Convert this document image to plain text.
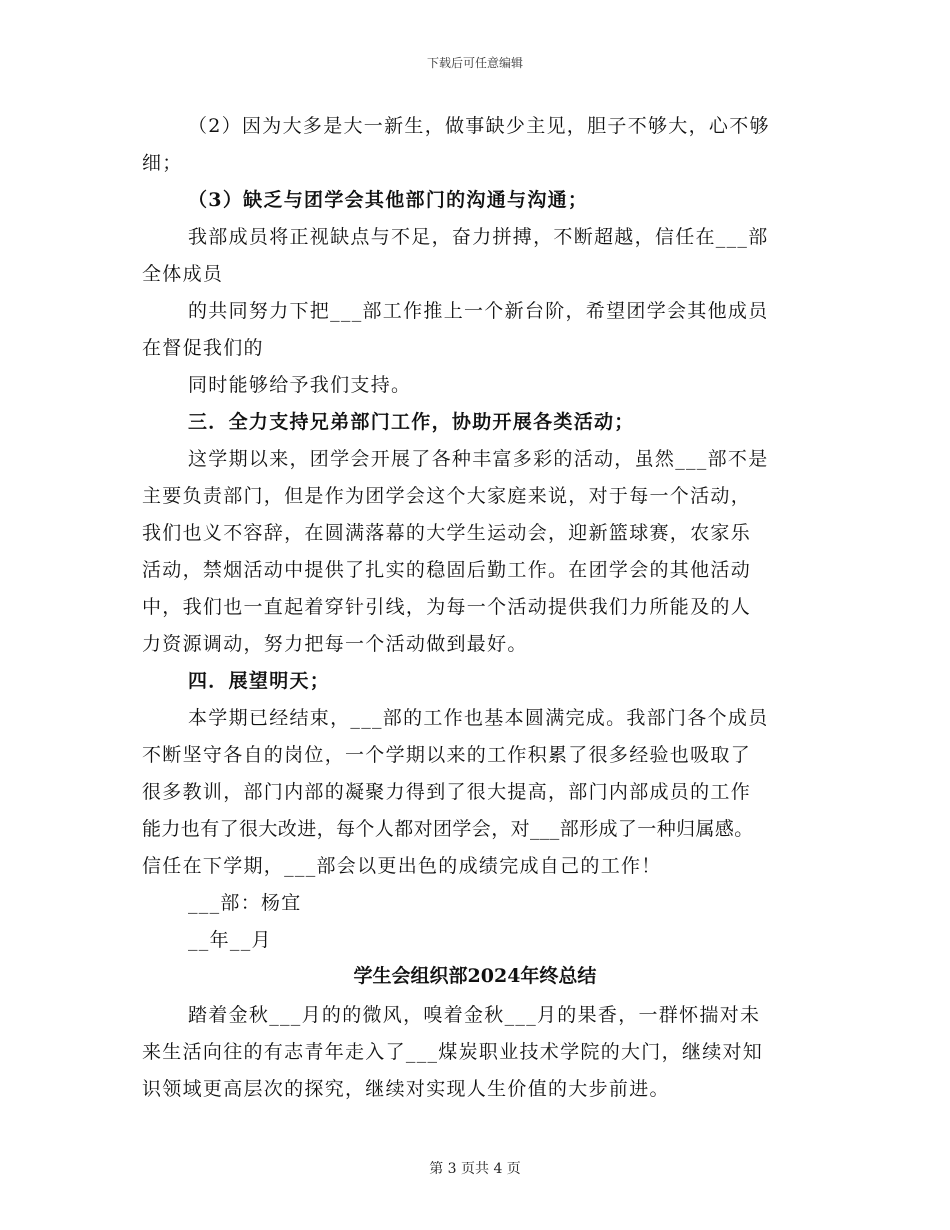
下载后可任意编辑
（2）因为大多是大一新生，做事缺少主见，胆子不够大，心不够
细；
（3）缺乏与团学会其他部门的沟通与沟通；
我部成员将正视缺点与不足，奋力拼搏，不断超越，信任在___部
全体成员
的共同努力下把___部工作推上一个新台阶，希望团学会其他成员
在督促我们的
同时能够给予我们支持。
三．全力支持兄弟部门工作，协助开展各类活动；
这学期以来，团学会开展了各种丰富多彩的活动，虽然___部不是
主要负责部门，但是作为团学会这个大家庭来说，对于每一个活动，
我们也义不容辞，在圆满落幕的大学生运动会，迎新篮球赛，农家乐
活动，禁烟活动中提供了扎实的稳固后勤工作。在团学会的其他活动
中，我们也一直起着穿针引线，为每一个活动提供我们力所能及的人
力资源调动，努力把每一个活动做到最好。
四．展望明天；
本学期已经结束，___部的工作也基本圆满完成。我部门各个成员
不断坚守各自的岗位，一个学期以来的工作积累了很多经验也吸取了
很多教训，部门内部的凝聚力得到了很大提高，部门内部成员的工作
能力也有了很大改进，每个人都对团学会，对___部形成了一种归属感。
信任在下学期，___部会以更出色的成绩完成自己的工作！
___部：杨宜
__年__月
学生会组织部2024年终总结
踏着金秋___月的的微风，嗅着金秋___月的果香，一群怀揣对未
来生活向往的有志青年走入了___煤炭职业技术学院的大门，继续对知
识领域更高层次的探究，继续对实现人生价值的大步前进。
第 3 页共 4 页
